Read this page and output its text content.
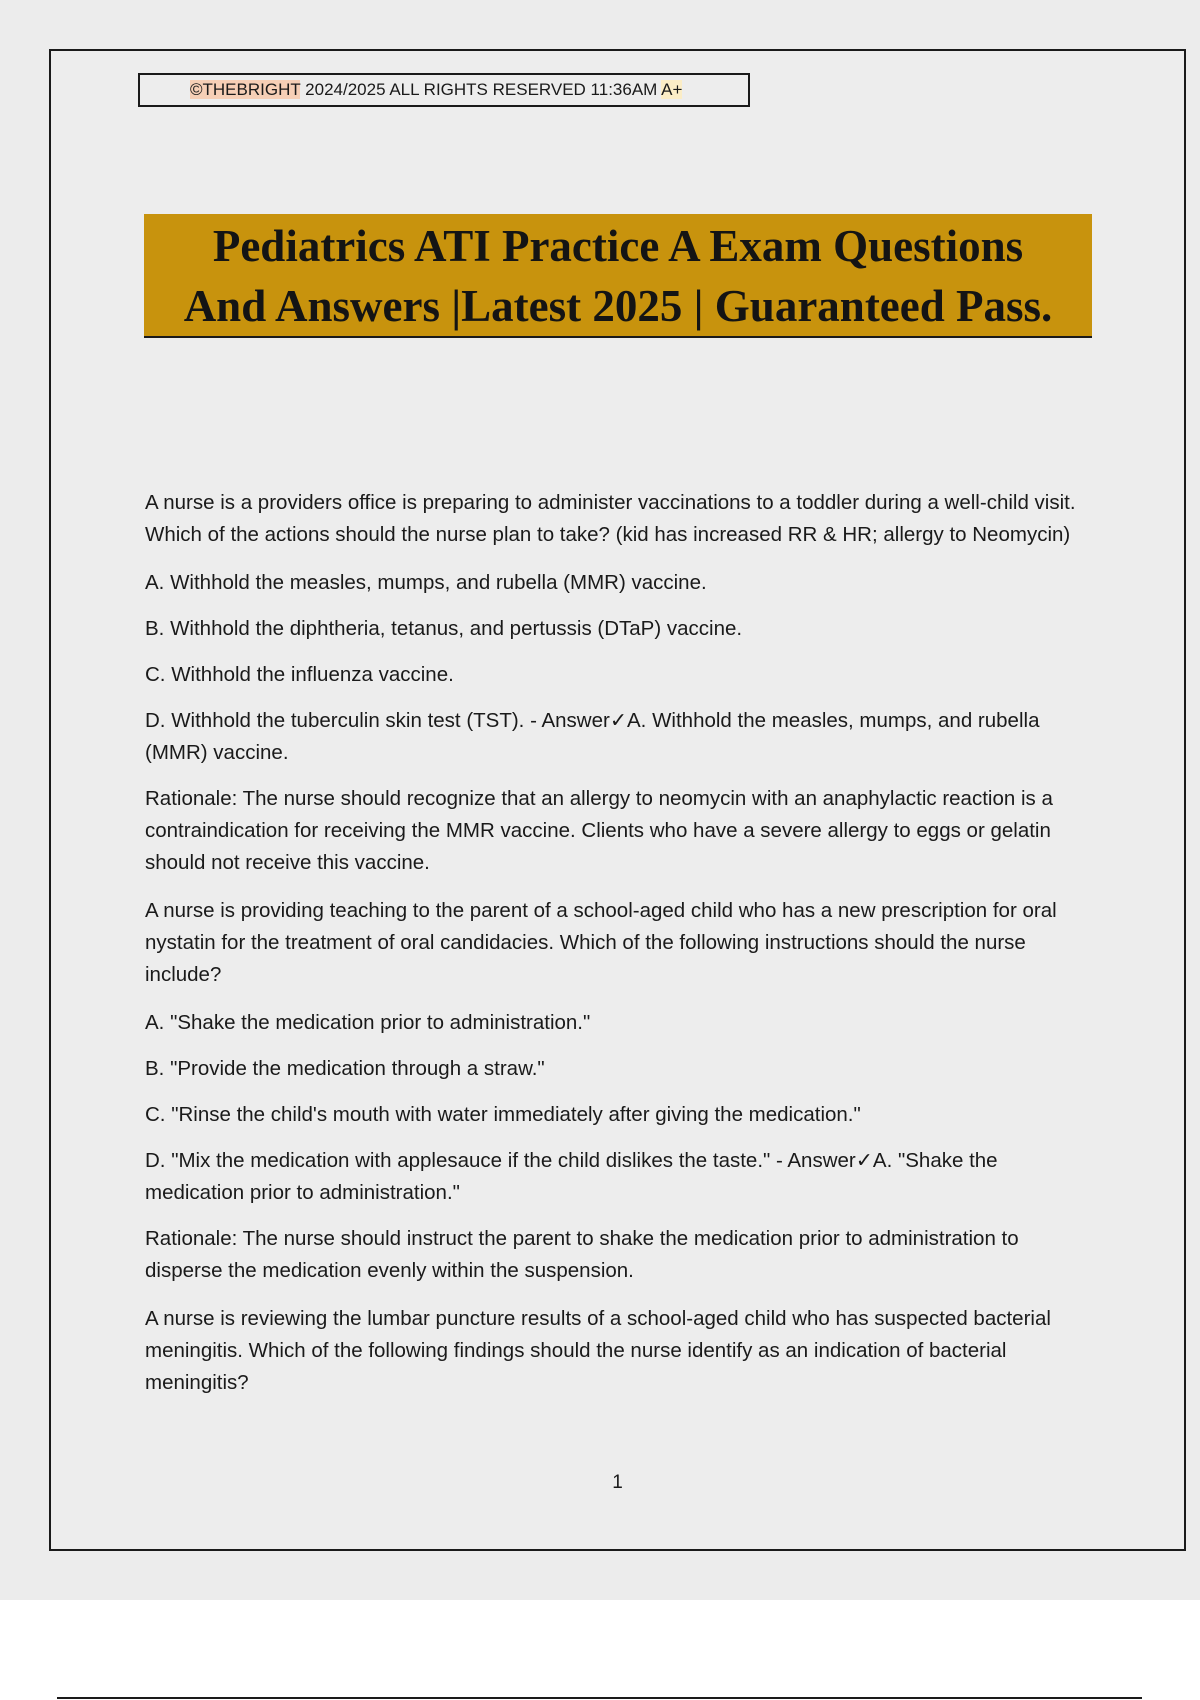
©THEBRIGHT 2024/2025 ALL RIGHTS RESERVED 11:36AM A+
Pediatrics ATI Practice A Exam Questions
And Answers |Latest 2025 | Guaranteed Pass.

A nurse is a providers office is preparing to administer vaccinations to a toddler during a well-child visit. Which of the actions should the nurse plan to take? (kid has increased RR & HR; allergy to Neomycin)

A. Withhold the measles, mumps, and rubella (MMR) vaccine.

B. Withhold the diphtheria, tetanus, and pertussis (DTaP) vaccine.

C. Withhold the influenza vaccine.

D. Withhold the tuberculin skin test (TST). - Answer✓A. Withhold the measles, mumps, and rubella (MMR) vaccine.

Rationale: The nurse should recognize that an allergy to neomycin with an anaphylactic reaction is a contraindication for receiving the MMR vaccine. Clients who have a severe allergy to eggs or gelatin should not receive this vaccine.

A nurse is providing teaching to the parent of a school-aged child who has a new prescription for oral nystatin for the treatment of oral candidacies. Which of the following instructions should the nurse include?

A. "Shake the medication prior to administration."

B. "Provide the medication through a straw."

C. "Rinse the child's mouth with water immediately after giving the medication."

D. "Mix the medication with applesauce if the child dislikes the taste." - Answer✓A. "Shake the medication prior to administration."

Rationale: The nurse should instruct the parent to shake the medication prior to administration to disperse the medication evenly within the suspension.

A nurse is reviewing the lumbar puncture results of a school-aged child who has suspected bacterial meningitis. Which of the following findings should the nurse identify as an indication of bacterial meningitis?

1
